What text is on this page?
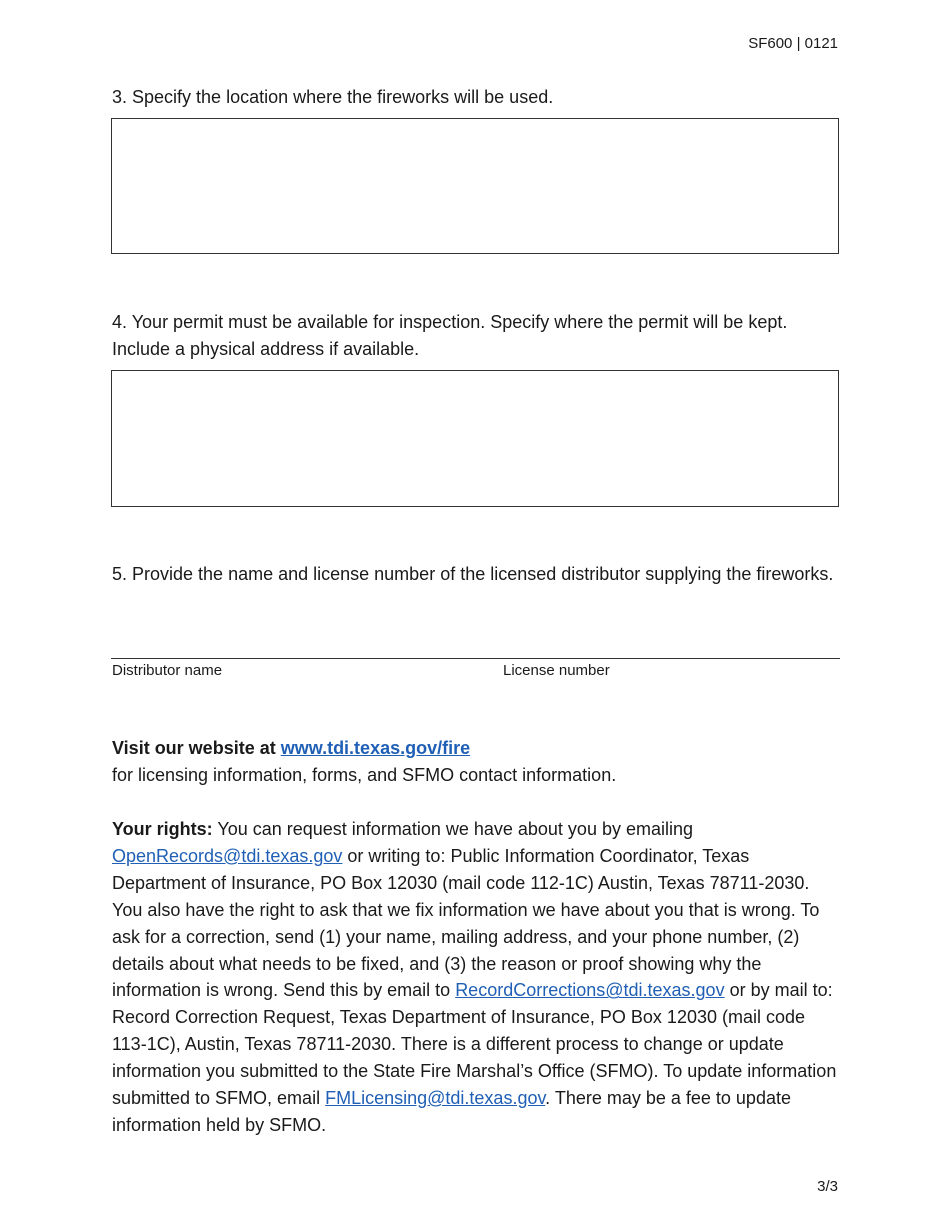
SF600 | 0121

3. Specify the location where the fireworks will be used.

4. Your permit must be available for inspection. Specify where the permit will be kept. Include a physical address if available.

5. Provide the name and license number of the licensed distributor supplying the fireworks.

Distributor name	License number
Visit our website at www.tdi.texas.gov/fire
for licensing information, forms, and SFMO contact information.
Your rights: You can request information we have about you by emailing OpenRecords@tdi.texas.gov or writing to: Public Information Coordinator, Texas Department of Insurance, PO Box 12030 (mail code 112-1C) Austin, Texas 78711-2030. You also have the right to ask that we fix information we have about you that is wrong. To ask for a correction, send (1) your name, mailing address, and your phone number, (2) details about what needs to be fixed, and (3) the reason or proof showing why the information is wrong. Send this by email to RecordCorrections@tdi.texas.gov or by mail to: Record Correction Request, Texas Department of Insurance, PO Box 12030 (mail code 113-1C), Austin, Texas 78711-2030. There is a different process to change or update information you submitted to the State Fire Marshal’s Office (SFMO). To update information submitted to SFMO, email FMLicensing@tdi.texas.gov. There may be a fee to update information held by SFMO.
3/3
